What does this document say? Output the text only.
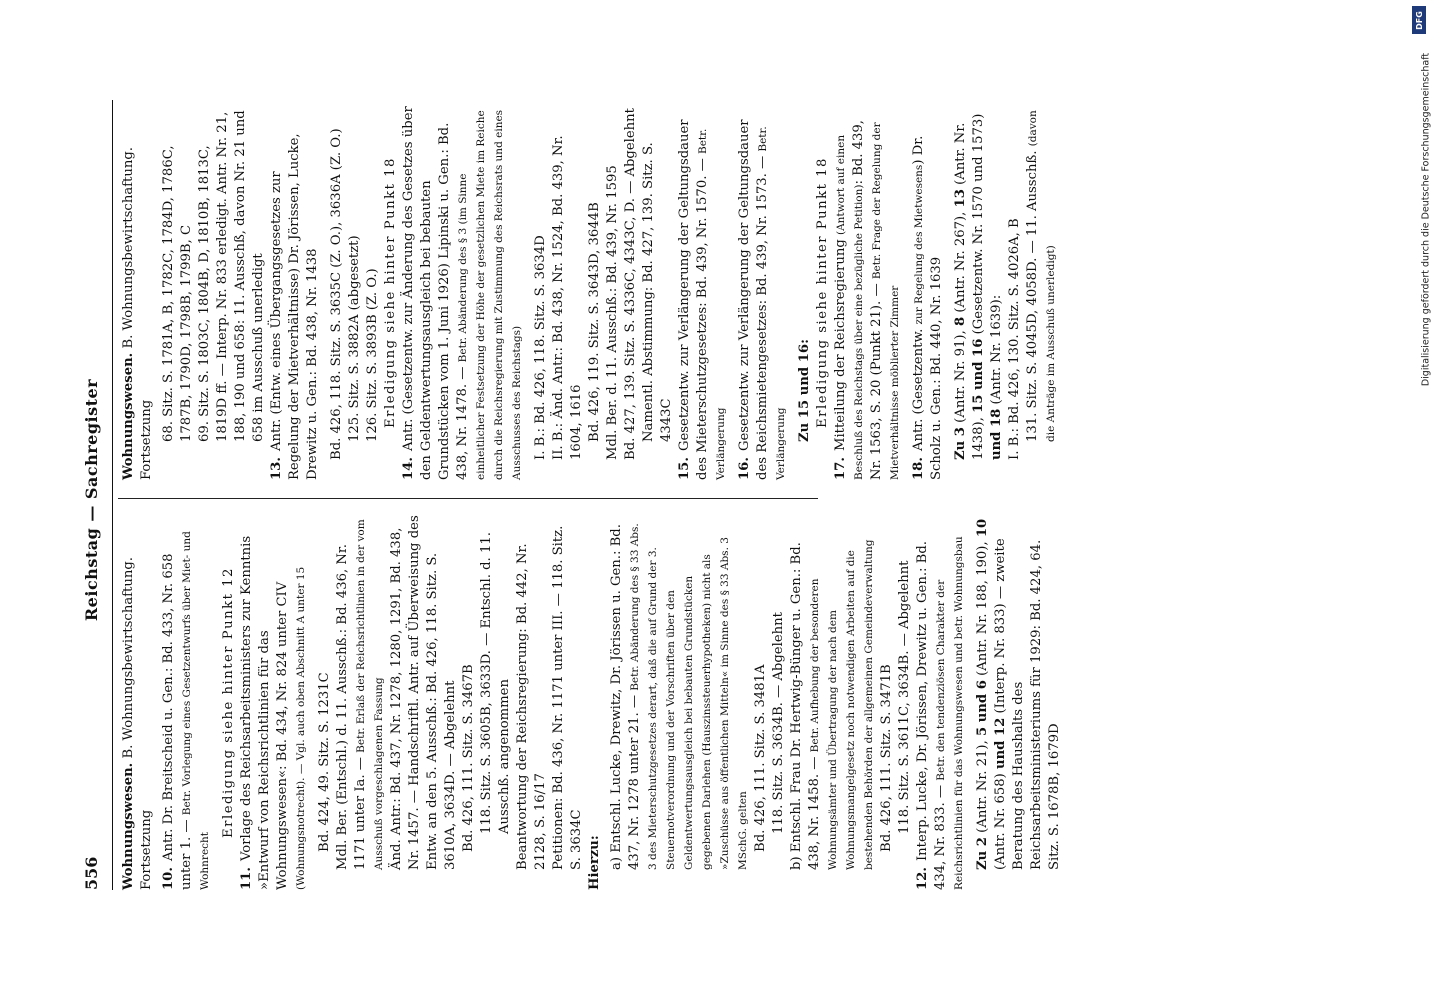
556
Reichstag — Sachregister
Wohnungswesen. B. Wohnungsbewirtschaftung. Fortsetzung 10.Antr. Dr. Breitscheid u. Gen.: Bd. 433, Nr. 658 unter 1. — Betr. Vorlegung eines Gesetzentwurfs über Miet- und Wohnrecht
Erledigung siehe hinter Punkt 12
11.Vorlage des Reichsarbeitsministers zur Kenntnis »Entwurf von Reichsrichtlinien für das Wohnungswesen«: Bd. 434, Nr. 824 unter CIV (Wohnungsnotrecht). — Vgl. auch oben Abschnitt A unter 15 Bd. 424, 49. Sitz. S. 1231C Mdl. Ber. (Entschl.) d. 11. Ausschß.: Bd. 436, Nr. 1171 unter Ia. — Betr. Erlaß der Reichsrichtlinien in der vom Ausschuß vorgeschlagenen Fassung Änd. Antr.: Bd. 437, Nr. 1278, 1280, 1291, Bd. 438, Nr. 1457. — Handschriftl. Antr. auf Überweisung des Entw. an den 5. Ausschß.: Bd. 426, 118. Sitz. S. 3610A, 3634D. — Abgelehnt Bd. 426, 111. Sitz. S. 3467B 118. Sitz. S. 3605B, 3633D. — Entschl. d. 11. Ausschß. angenommen Beantwortung der Reichsregierung: Bd. 442, Nr. 2128, S. 16/17 Petitionen: Bd. 436, Nr. 1171 unter III. — 118. Sitz. S. 3634C Hierzu: a) Entschl. Lucke, Drewitz, Dr. Jörissen u. Gen.: Bd. 437, Nr. 1278 unter 21. — Betr. Abänderung des § 33 Abs. 3 des Mieterschutzgesetzes derart, daß die auf Grund der 3. Steuernotverordnung und der Vorschriften über den Geldentwertungsausgleich bei bebauten Grundstücken gegebenen Darlehen (Hauszinssteuerhypotheken) nicht als »Zuschüsse aus öffentlichen Mitteln« im Sinne des § 33 Abs. 3 MSchG. gelten Bd. 426, 111. Sitz. S. 3481A 118. Sitz. S. 3634B. — Abgelehnt b) Entschl. Frau Dr. Hertwig-Bünger u. Gen.: Bd. 438, Nr. 1458. — Betr. Aufhebung der besonderen Wohnungsämter und Übertragung der nach dem Wohnungsmangelgesetz noch notwendigen Arbeiten auf die bestehenden Behörden der allgemeinen Gemeindeverwaltung Bd. 426, 111. Sitz. S. 3471B 118. Sitz. S. 3611C, 3634B. — Abgelehnt
12.Interp. Lucke, Dr. Jörissen, Drewitz u. Gen.: Bd. 434, Nr. 833. — Betr. den tendenziösen Charakter der Reichsrichtlinien für das Wohnungswesen und betr. Wohnungsbau Zu 2 (Antr. Nr. 21), 5 und 6 (Antr. Nr. 188, 190), 10 (Antr. Nr. 658) und 12 (Interp. Nr. 833) — zweite Beratung des Haushalts des Reichsarbeitsministeriums für 1929: Bd. 424, 64. Sitz. S. 1678B, 1679D
Wohnungswesen. B. Wohnungsbewirtschaftung. Fortsetzung 68. Sitz. S. 1781A, B, 1782C, 1784D, 1786C, 1787B, 1790D, 1798B, 1799B, C 69. Sitz. S. 1803C, 1804B, D, 1810B, 1813C, 1819D ff. — Interp. Nr. 833 erledigt. Antr. Nr. 21, 188, 190 und 658: 11. Ausschß, davon Nr. 21 und 658 im Ausschuß unerledigt
13.Antr. (Entw. eines Übergangsgesetzes zur Regelung der Mietverhältnisse) Dr. Jörissen, Lucke, Drewitz u. Gen.: Bd. 438, Nr. 1438 Bd. 426, 118. Sitz. S. 3635C (Z. O.), 3636A (Z. O.) 125. Sitz. S. 3882A (abgesetzt) 126. Sitz. S. 3893B (Z. O.) Erledigung siehe hinter Punkt 18
14.Antr. (Gesetzentw. zur Änderung des Gesetzes über den Geldentwertungsausgleich bei bebauten Grundstücken vom 1. Juni 1926) Lipinski u. Gen.: Bd. 438, Nr. 1478. — Betr. Abänderung des § 3 (im Sinne einheitlicher Festsetzung der Höhe der gesetzlichen Miete im Reiche durch die Reichsregierung mit Zustimmung des Reichsrats und eines Ausschusses des Reichstags) I. B.: Bd. 426, 118. Sitz. S. 3634D II. B.: Änd. Antr.: Bd. 438, Nr. 1524, Bd. 439, Nr. 1604, 1616 Bd. 426, 119. Sitz. S. 3643D, 3644B Mdl. Ber. d. 11. Ausschß.: Bd. 439, Nr. 1595 Bd. 427, 139. Sitz. S. 4336C, 4343C, D. — Abgelehnt Namentl. Abstimmung: Bd. 427, 139. Sitz. S. 4343C
15.Gesetzentw. zur Verlängerung der Geltungsdauer des Mieterschutzgesetzes: Bd. 439, Nr. 1570. — Betr. Verlängerung 16.Gesetzentw. zur Verlängerung der Geltungsdauer des Reichsmietengesetzes: Bd. 439, Nr. 1573. — Betr. Verlängerung
Zu 15 und 16: Erledigung siehe hinter Punkt 18
17.Mitteilung der Reichsregierung (Antwort auf einen Beschluß des Reichstags über eine bezügliche Petition): Bd. 439, Nr. 1563, S. 20 (Punkt 21). — Betr. Frage der Regelung der Mietverhältnisse möblierter Zimmer 18.Antr. (Gesetzentw. zur Regelung des Mietwesens) Dr. Scholz u. Gen.: Bd. 440, Nr. 1639 Zu 3 (Antr. Nr. 91), 8 (Antr. Nr. 267), 13 (Antr. Nr. 1438), 15 und 16 (Gesetzentw. Nr. 1570 und 1573) und 18 (Antr. Nr. 1639): I. B.: Bd. 426, 130. Sitz. S. 4026A, B 131. Sitz. S. 4045D, 4058D. — 11. Ausschß. (davon die Anträge im Ausschuß unerledigt)	Digitalisierung gefördert durch die Deutsche Forschungsgemeinschaft
DFG
